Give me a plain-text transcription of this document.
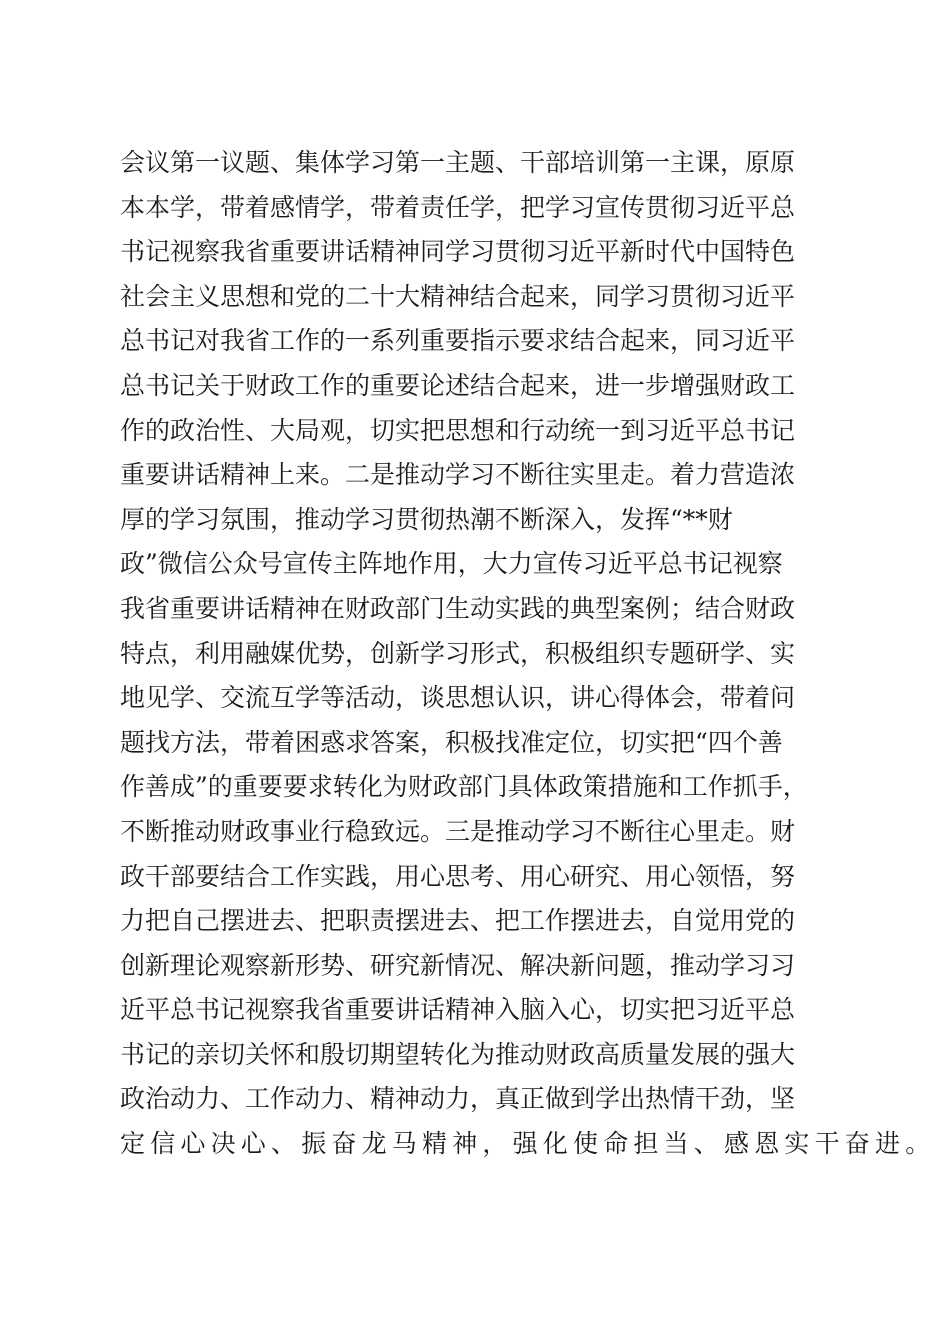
会议第一议题、集体学习第一主题、干部培训第一主课，原原
本本学，带着感情学，带着责任学，把学习宣传贯彻习近平总
书记视察我省重要讲话精神同学习贯彻习近平新时代中国特色
社会主义思想和党的二十大精神结合起来，同学习贯彻习近平
总书记对我省工作的一系列重要指示要求结合起来，同习近平
总书记关于财政工作的重要论述结合起来，进一步增强财政工
作的政治性、大局观，切实把思想和行动统一到习近平总书记
重要讲话精神上来。二是推动学习不断往实里走。着力营造浓
厚的学习氛围，推动学习贯彻热潮不断深入，发挥“**财
政”微信公众号宣传主阵地作用，大力宣传习近平总书记视察
我省重要讲话精神在财政部门生动实践的典型案例；结合财政
特点，利用融媒优势，创新学习形式，积极组织专题研学、实
地见学、交流互学等活动，谈思想认识，讲心得体会，带着问
题找方法，带着困惑求答案，积极找准定位，切实把“四个善
作善成”的重要要求转化为财政部门具体政策措施和工作抓手，
不断推动财政事业行稳致远。三是推动学习不断往心里走。财
政干部要结合工作实践，用心思考、用心研究、用心领悟，努
力把自己摆进去、把职责摆进去、把工作摆进去，自觉用党的
创新理论观察新形势、研究新情况、解决新问题，推动学习习
近平总书记视察我省重要讲话精神入脑入心，切实把习近平总
书记的亲切关怀和殷切期望转化为推动财政高质量发展的强大
政治动力、工作动力、精神动力，真正做到学出热情干劲，坚
定信心决心、振奋龙马精神，强化使命担当、感恩实干奋进。
